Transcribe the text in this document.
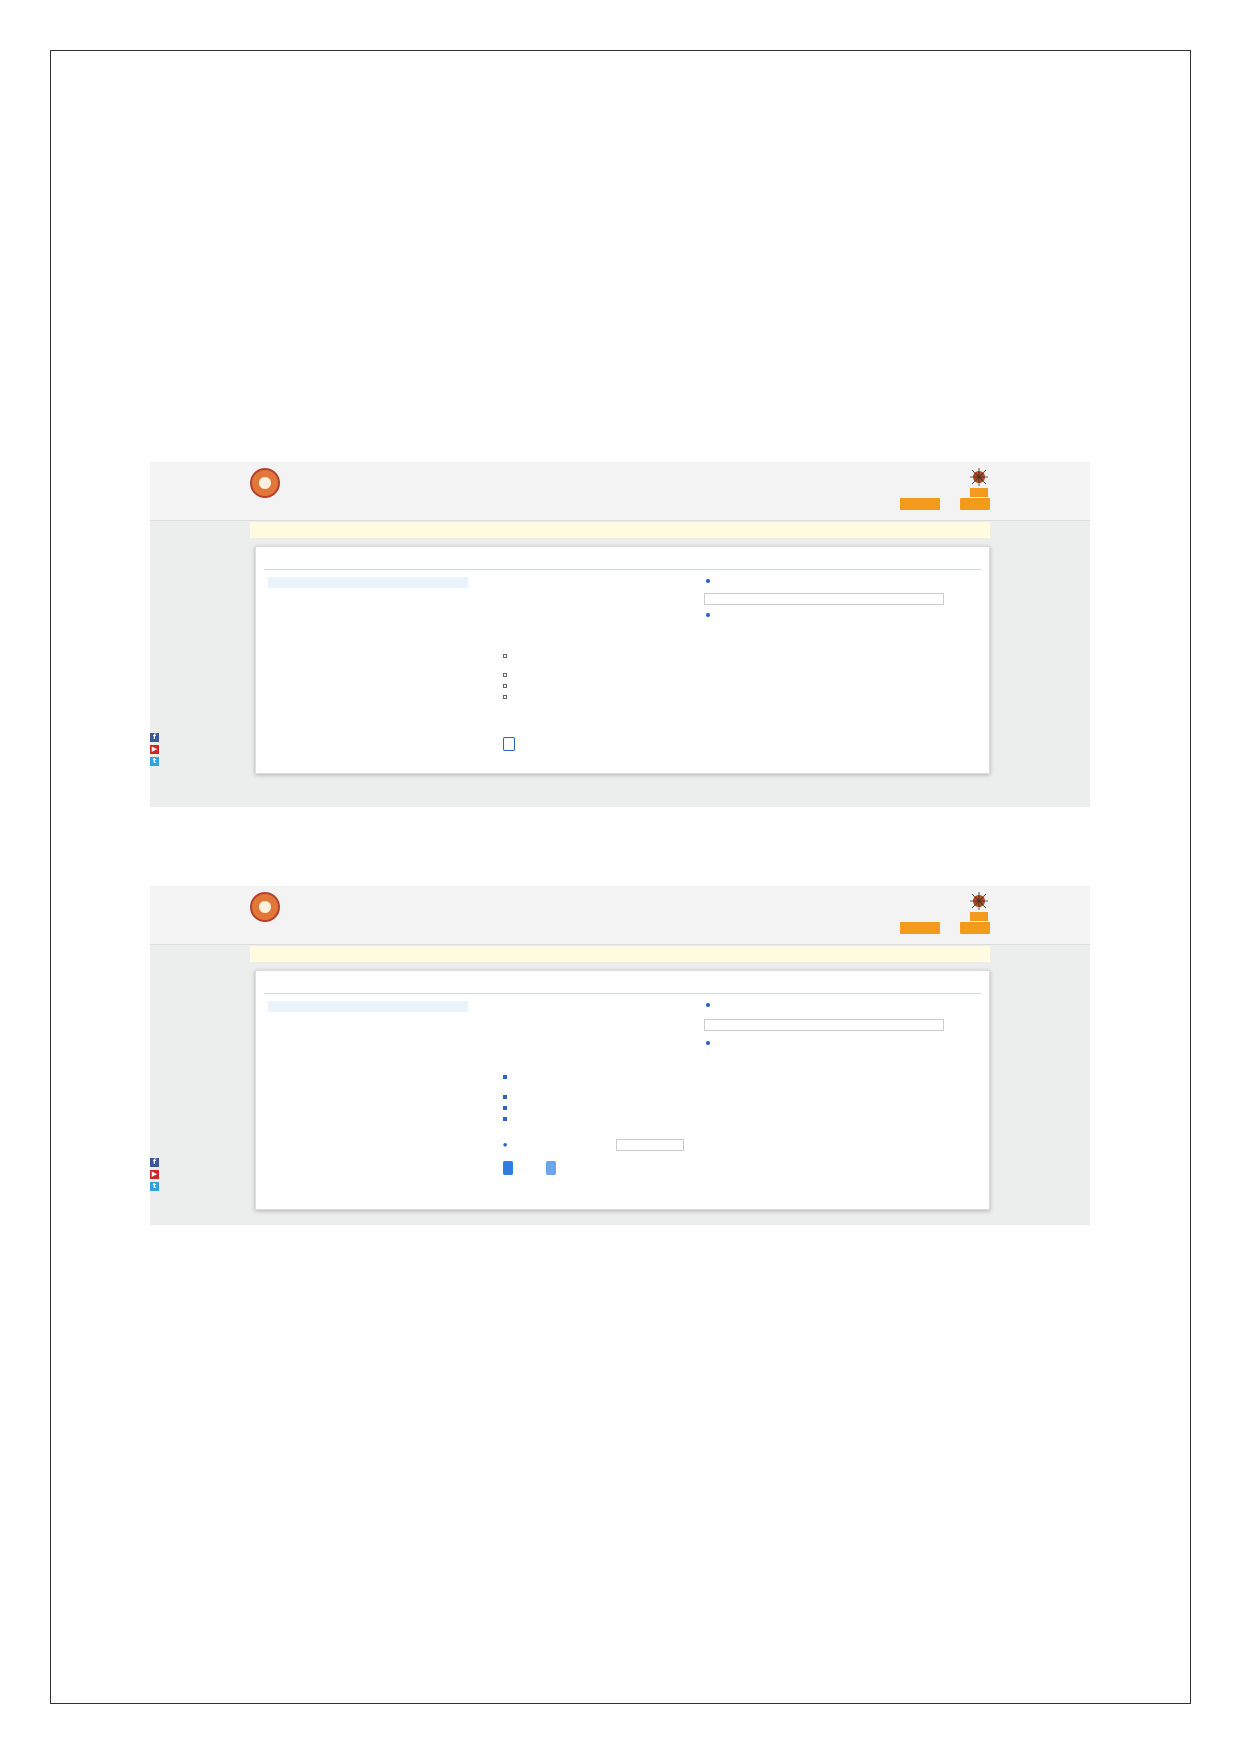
f
▶
t
●
f
▶
t
